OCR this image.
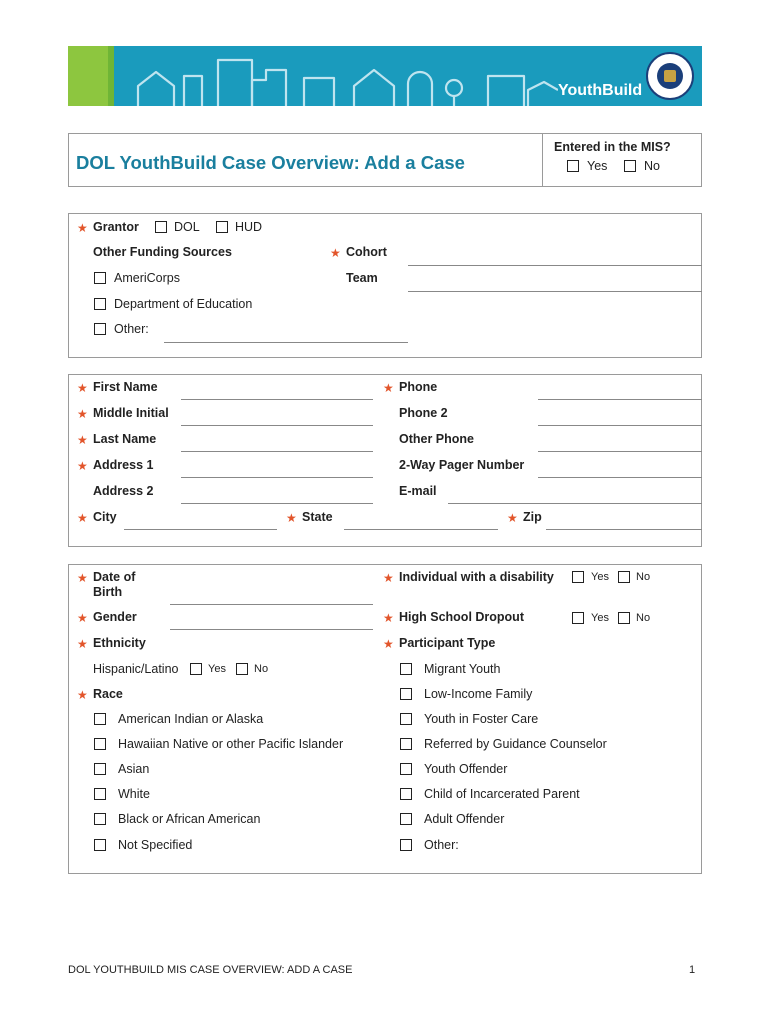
YouthBuild
DOL YouthBuild Case Overview: Add a Case
Entered in the MIS?
Yes	No
★ Grantor	DOL	HUD
Other Funding Sources
AmeriCorps
Department of Education
Other:
★ Cohort
Team
★ First Name
★ Middle Initial
★ Last Name
★ Address 1
Address 2
★ City	★ State	★ Zip
★ Phone
Phone 2
Other Phone
2-Way Pager Number
E-mail
★ Date of
Birth
★ Gender
★ Ethnicity
Hispanic/Latino	Yes	No
★ Race
American Indian or Alaska
Hawaiian Native or other Pacific Islander
Asian
White
Black or African American
Not Specified
★ Individual with a disability	Yes No
★ High School Dropout	Yes No
★ Participant Type
Migrant Youth
Low-Income Family
Youth in Foster Care
Referred by Guidance Counselor
Youth Offender
Child of Incarcerated Parent
Adult Offender
Other:
DOL YOUTHBUILD MIS CASE OVERVIEW: ADD A CASE	1
